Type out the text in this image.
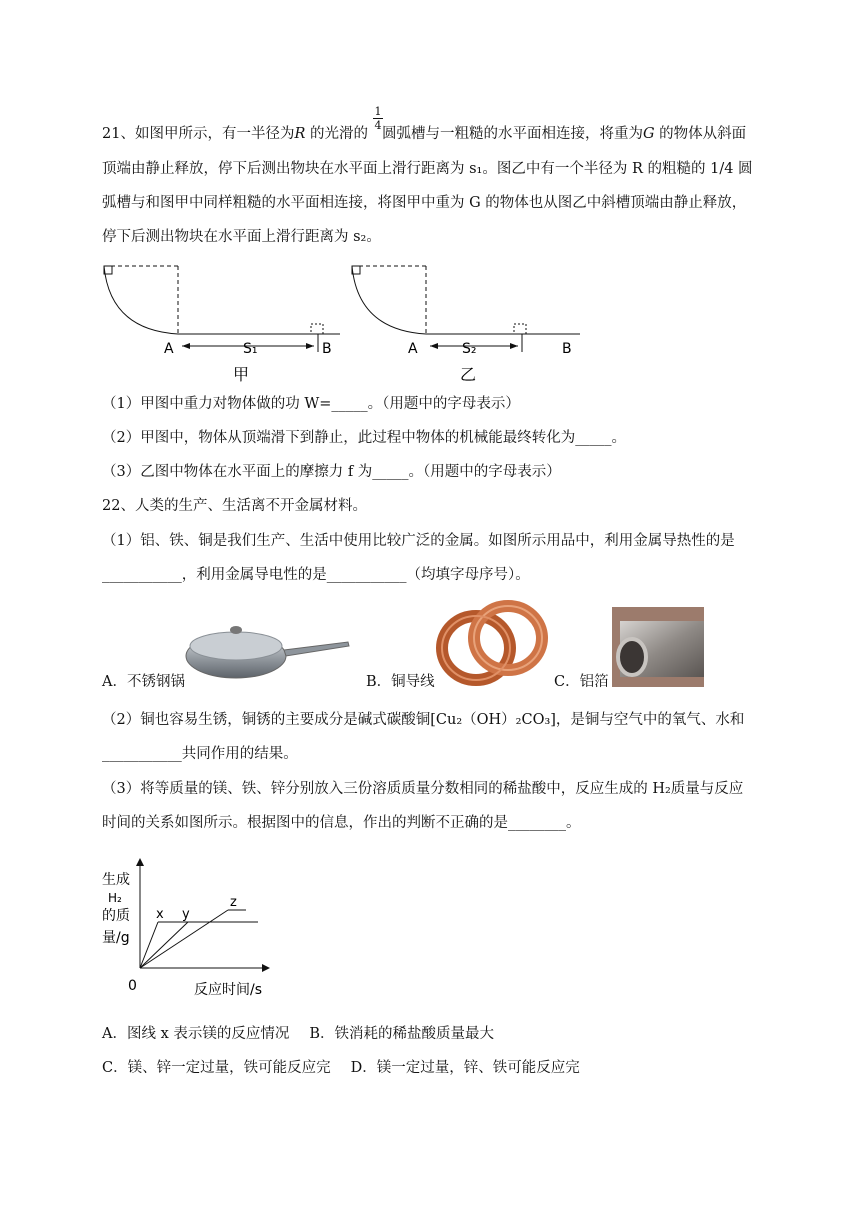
21、如图甲所示，有一半径为R 的光滑的 圆弧槽与一粗糙的水平面相连接，将重为G 的物体从斜面
1
4
顶端由静止释放，停下后测出物块在水平面上滑行距离为 s₁。图乙中有一个半径为 R 的粗糙的 1/4 圆
弧槽与和图甲中同样粗糙的水平面相连接，将图甲中重为 G 的物体也从图乙中斜槽顶端由静止释放，
停下后测出物块在水平面上滑行距离为 s₂。
A	S₁	B
甲
A	S₂	B
乙
（1）甲图中重力对物体做的功 W=_____。（用题中的字母表示）
（2）甲图中，物体从顶端滑下到静止，此过程中物体的机械能最终转化为_____。
（3）乙图中物体在水平面上的摩擦力 f 为_____。（用题中的字母表示）
22、人类的生产、生活离不开金属材料。
（1）铝、铁、铜是我们生产、生活中使用比较广泛的金属。如图所示用品中，利用金属导热性的是
___________，利用金属导电性的是___________（均填字母序号）。
A．不锈钢锅	B．铜导线	C．铝箔
（2）铜也容易生锈，铜锈的主要成分是碱式碳酸铜[Cu₂（OH）₂CO₃]，是铜与空气中的氧气、水和
___________共同作用的结果。
（3）将等质量的镁、铁、锌分别放入三份溶质质量分数相同的稀盐酸中，反应生成的 H₂质量与反应
时间的关系如图所示。根据图中的信息，作出的判断不正确的是________。
生成
H₂
的质
量/g
x y
z
0	反应时间/s
A．图线 x 表示镁的反应情况 B．铁消耗的稀盐酸质量最大
C．镁、锌一定过量，铁可能反应完 D．镁一定过量，锌、铁可能反应完
